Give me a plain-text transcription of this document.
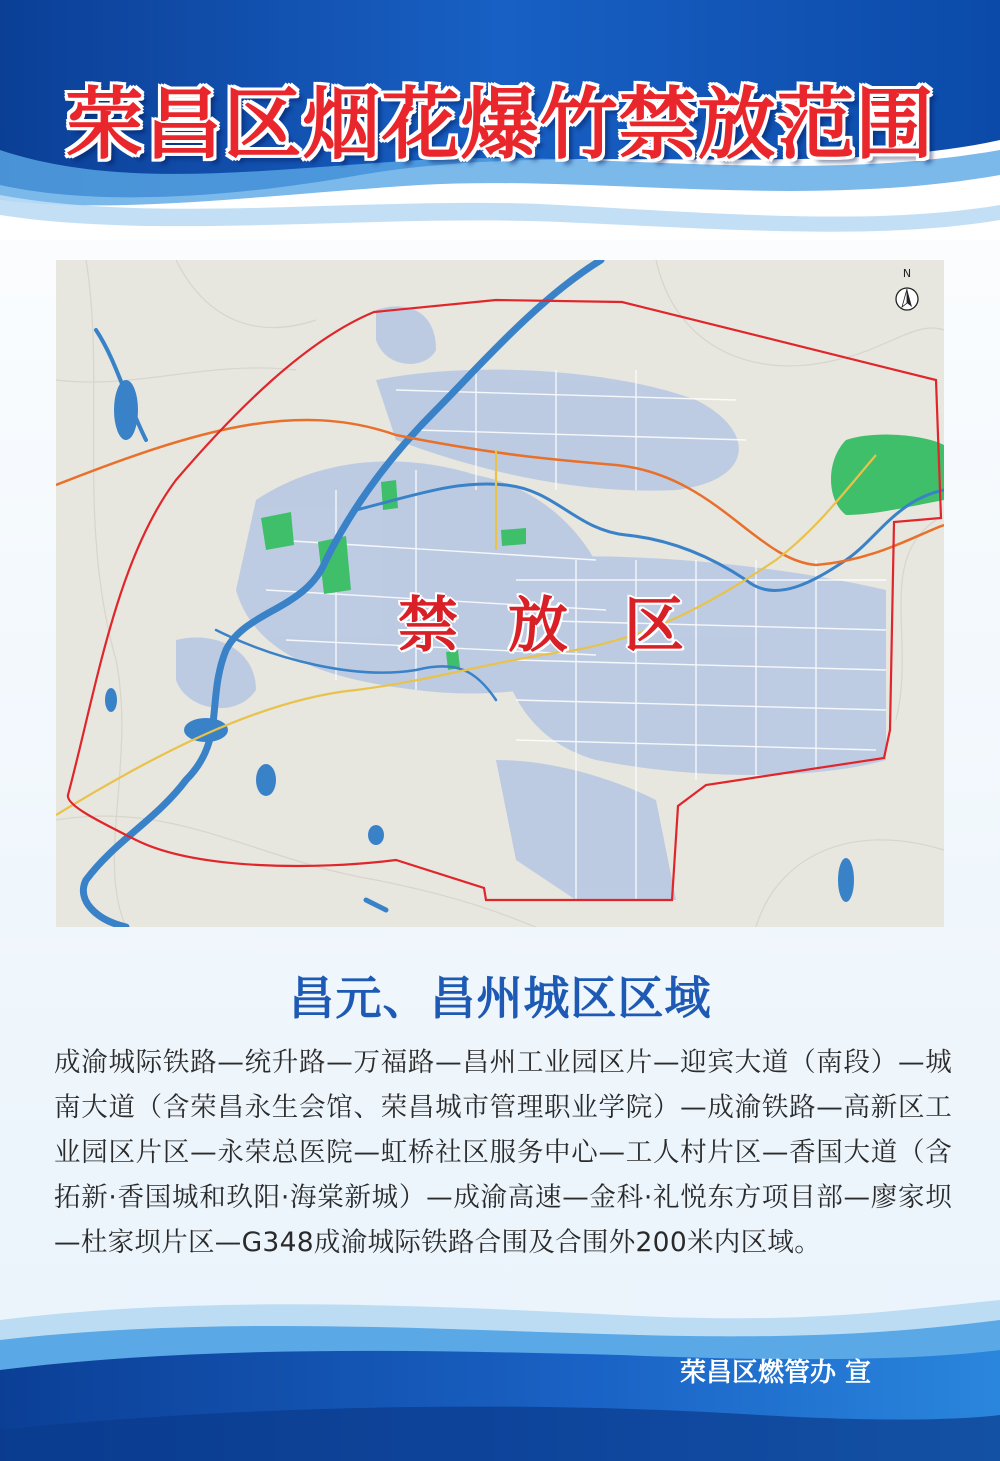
荣昌区烟花爆竹禁放范围
禁 放 区
N
昌元、昌州城区区域
成渝城际铁路—统升路—万福路—昌州工业园区片—迎宾大道（南段）—城南大道（含荣昌永生会馆、荣昌城市管理职业学院）—成渝铁路—高新区工业园区片区—永荣总医院—虹桥社区服务中心—工人村片区—香国大道（含拓新·香国城和玖阳·海棠新城）—成渝高速—金科·礼悦东方项目部—廖家坝—杜家坝片区—G348成渝城际铁路合围及合围外200米内区域。
荣昌区燃管办 宣
